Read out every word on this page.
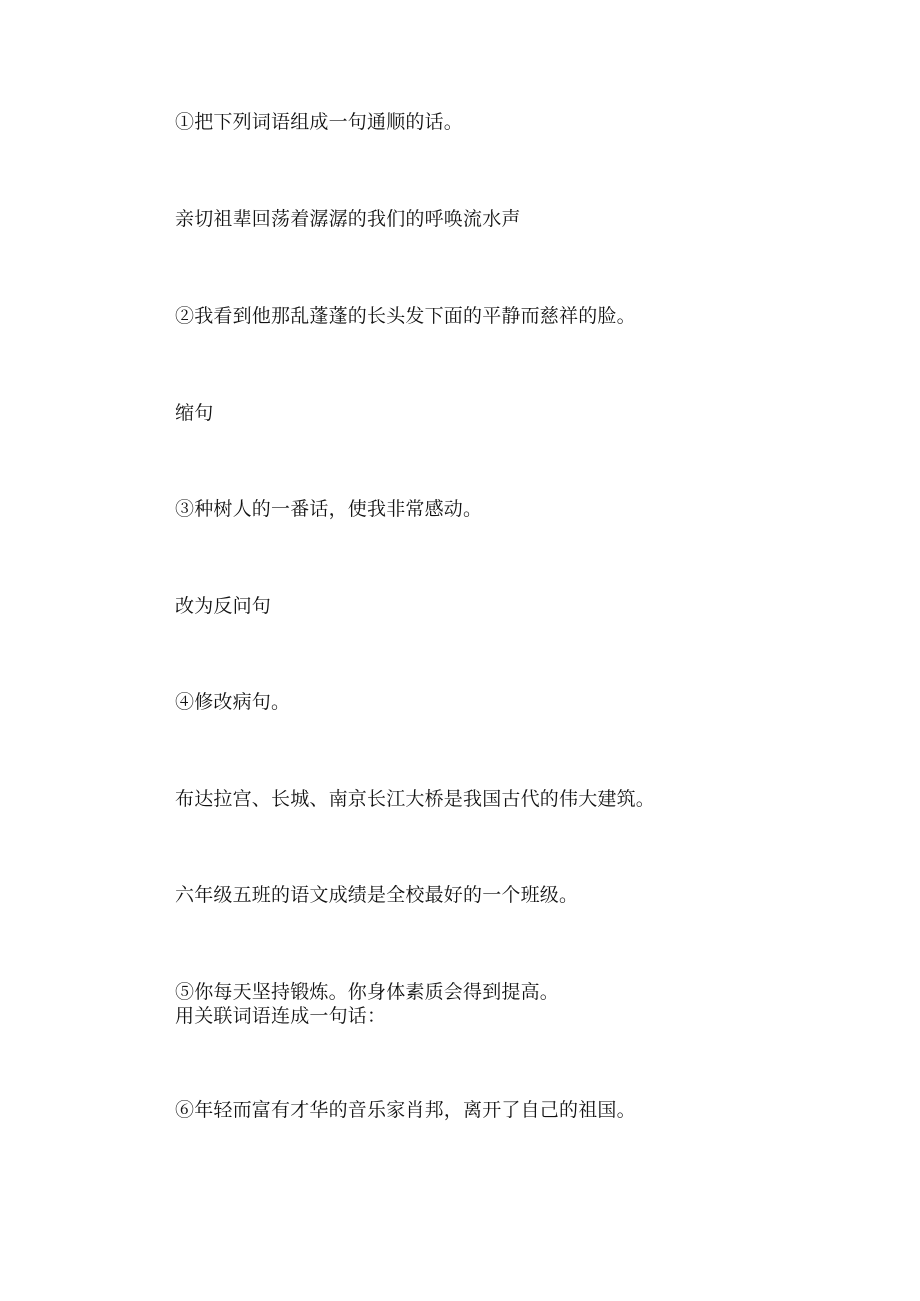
①把下列词语组成一句通顺的话。
亲切祖辈回荡着潺潺的我们的呼唤流水声
②我看到他那乱蓬蓬的长头发下面的平静而慈祥的脸。
缩句
③种树人的一番话，使我非常感动。
改为反问句
④修改病句。
布达拉宫、长城、南京长江大桥是我国古代的伟大建筑。
六年级五班的语文成绩是全校最好的一个班级。
⑤你每天坚持锻炼。你身体素质会得到提高。
用关联词语连成一句话：
⑥年轻而富有才华的音乐家肖邦，离开了自己的祖国。
